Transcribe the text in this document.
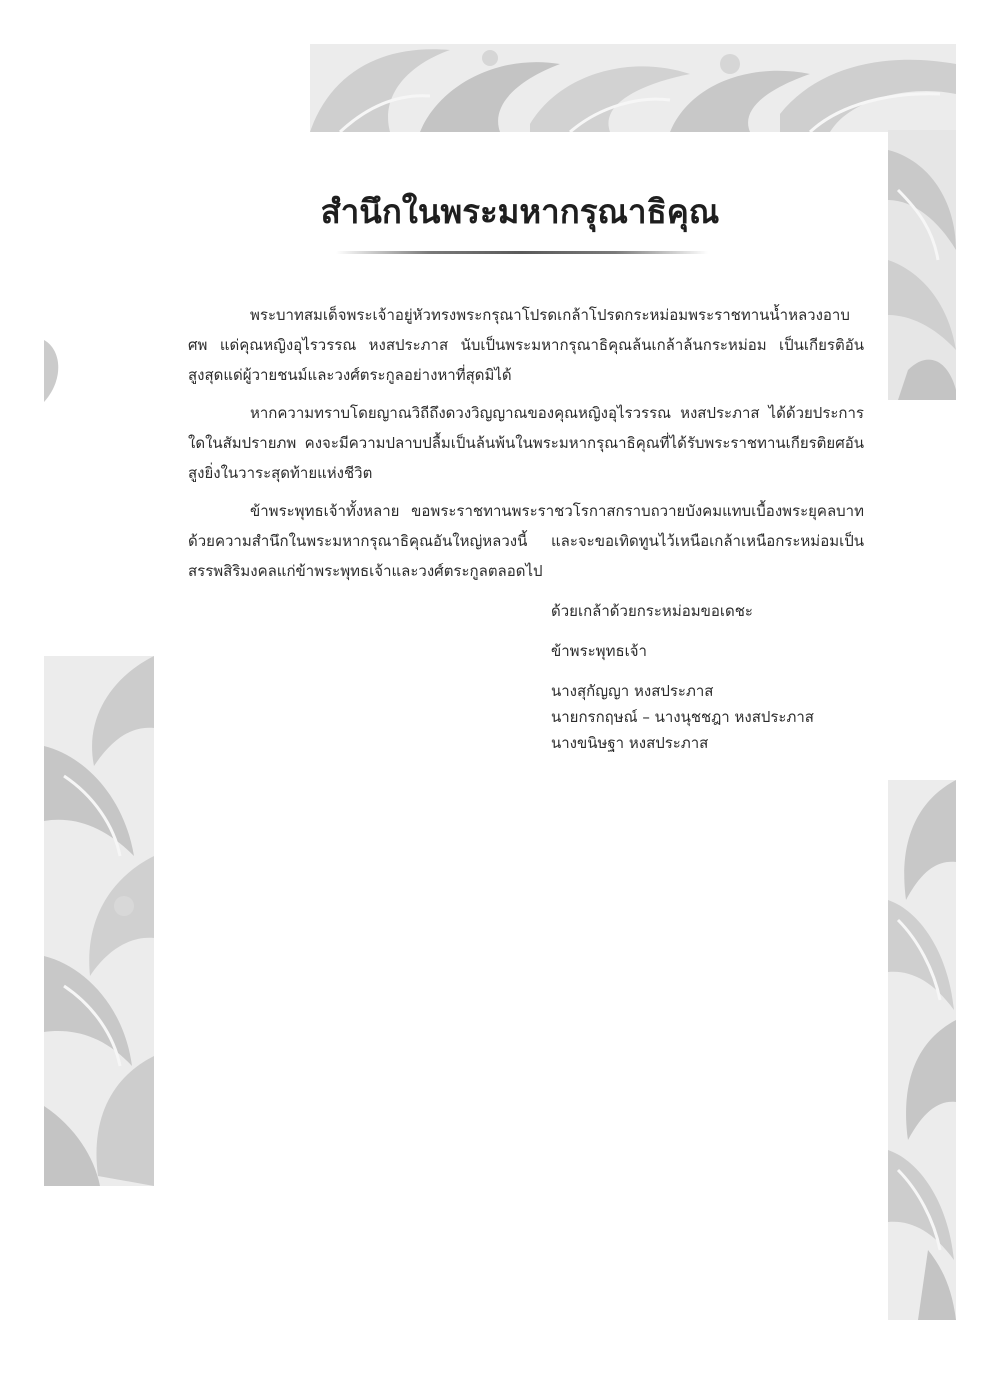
สำนึกในพระมหากรุณาธิคุณ

พระบาทสมเด็จพระเจ้าอยู่หัวทรงพระกรุณาโปรดเกล้าโปรดกระหม่อมพระราชทานน้ำหลวงอาบศพ แด่คุณหญิงอุไรวรรณ หงสประภาส นับเป็นพระมหากรุณาธิคุณล้นเกล้าล้นกระหม่อม เป็นเกียรติอันสูงสุดแด่ผู้วายชนม์และวงศ์ตระกูลอย่างหาที่สุดมิได้

หากความทราบโดยญาณวิถีถึงดวงวิญญาณของคุณหญิงอุไรวรรณ หงสประภาส ได้ด้วยประการใดในสัมปรายภพ คงจะมีความปลาบปลื้มเป็นล้นพ้นในพระมหากรุณาธิคุณที่ได้รับพระราชทานเกียรติยศอันสูงยิ่งในวาระสุดท้ายแห่งชีวิต

ข้าพระพุทธเจ้าทั้งหลาย ขอพระราชทานพระราชวโรกาสกราบถวายบังคมแทบเบื้องพระยุคลบาท ด้วยความสำนึกในพระมหากรุณาธิคุณอันใหญ่หลวงนี้ และจะขอเทิดทูนไว้เหนือเกล้าเหนือกระหม่อมเป็นสรรพสิริมงคลแก่ข้าพระพุทธเจ้าและวงศ์ตระกูลตลอดไป

ด้วยเกล้าด้วยกระหม่อมขอเดชะ
ข้าพระพุทธเจ้า
นางสุกัญญา หงสประภาส
นายกรกฤษณ์ – นางนุชชฎา หงสประภาส
นางขนิษฐา หงสประภาส
